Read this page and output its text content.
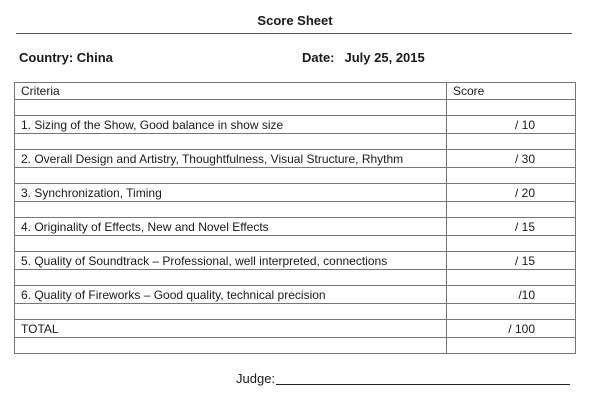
Score Sheet
Country: China	Date: July 25, 2015
Criteria	Score

1. Sizing of the Show, Good balance in show size	/ 10

2. Overall Design and Artistry, Thoughtfulness, Visual Structure, Rhythm	/ 30

3. Synchronization, Timing	/ 20

4. Originality of Effects, New and Novel Effects	/ 15

5. Quality of Soundtrack – Professional, well interpreted, connections	/ 15

6. Quality of Fireworks – Good quality, technical precision	/10

TOTAL	/ 100

Judge:
